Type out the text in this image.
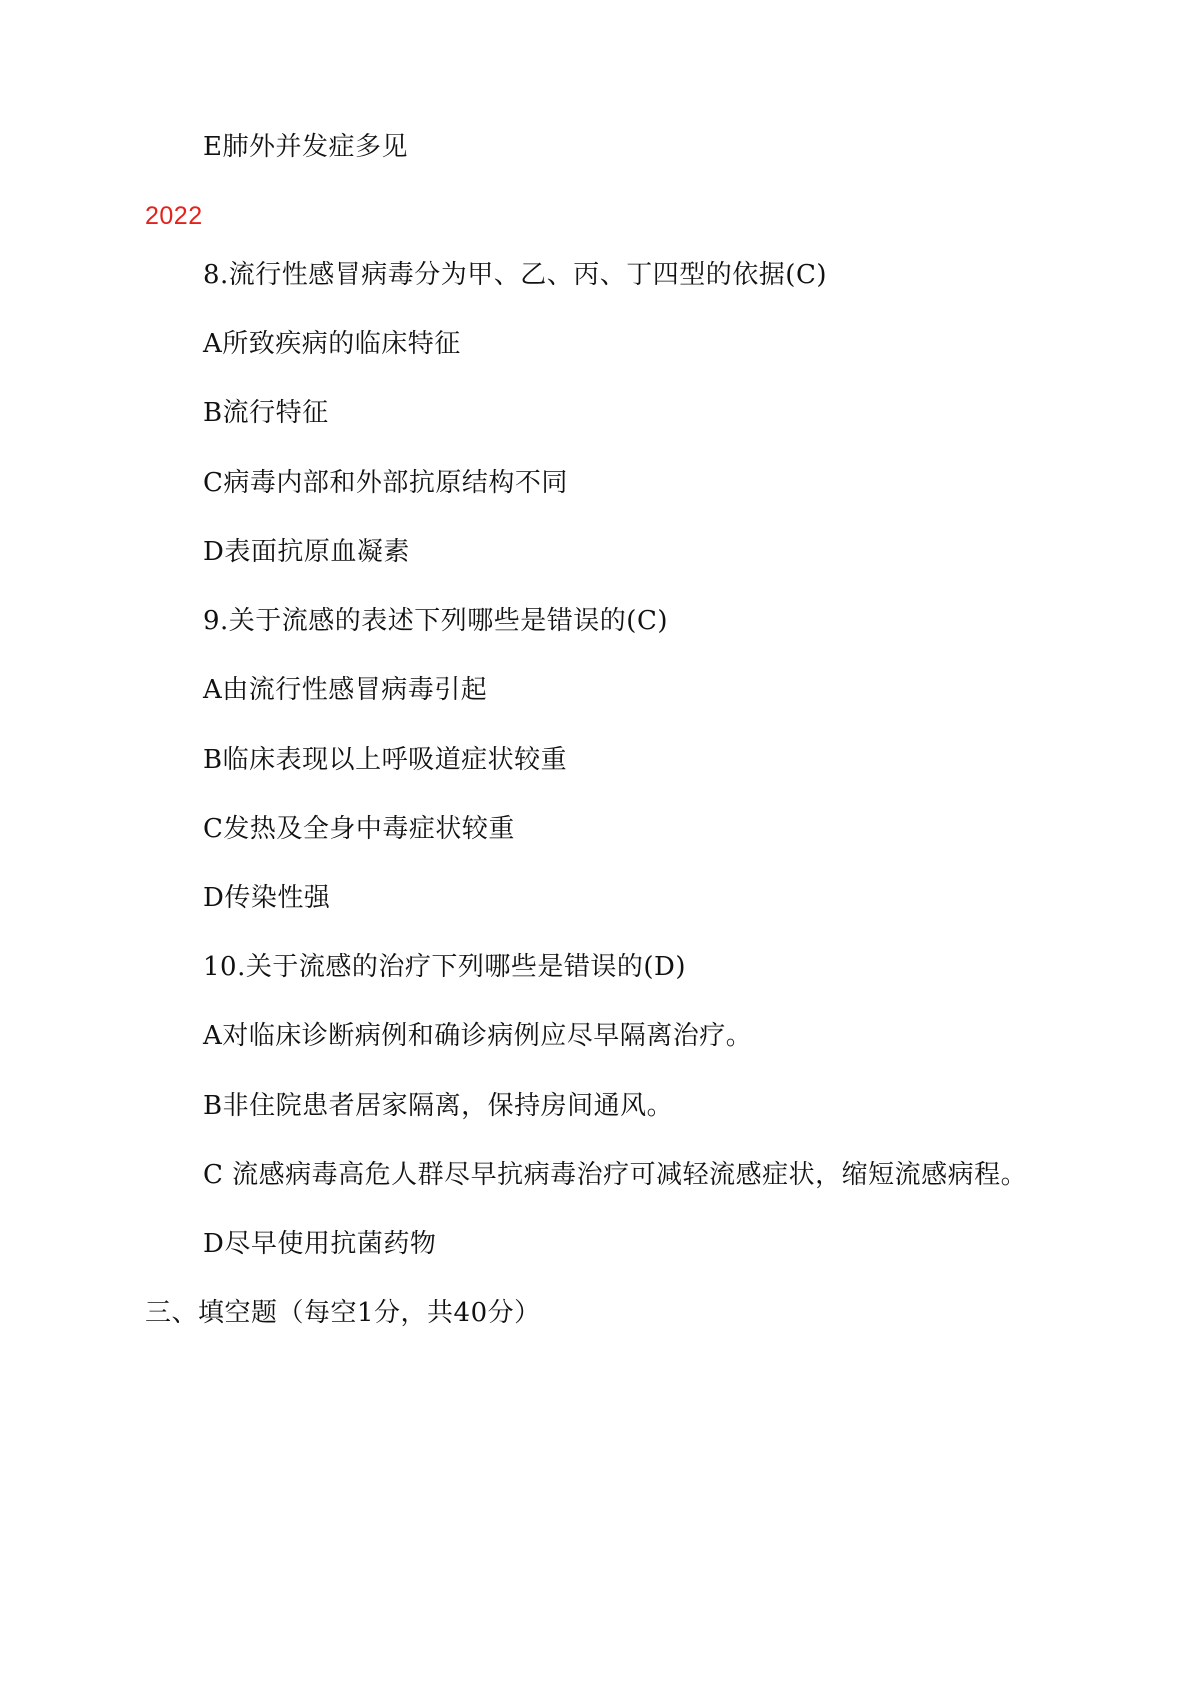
E肺外并发症多见
2022
8.流行性感冒病毒分为甲、乙、丙、丁四型的依据(C)
A所致疾病的临床特征
B流行特征
C病毒内部和外部抗原结构不同
D表面抗原血凝素
9.关于流感的表述下列哪些是错误的(C)
A由流行性感冒病毒引起
B临床表现以上呼吸道症状较重
C发热及全身中毒症状较重
D传染性强
10.关于流感的治疗下列哪些是错误的(D)
A对临床诊断病例和确诊病例应尽早隔离治疗。
B非住院患者居家隔离，保持房间通风。
C 流感病毒高危人群尽早抗病毒治疗可减轻流感症状，缩短流感病程。
D尽早使用抗菌药物
三、填空题（每空1分，共40分）
